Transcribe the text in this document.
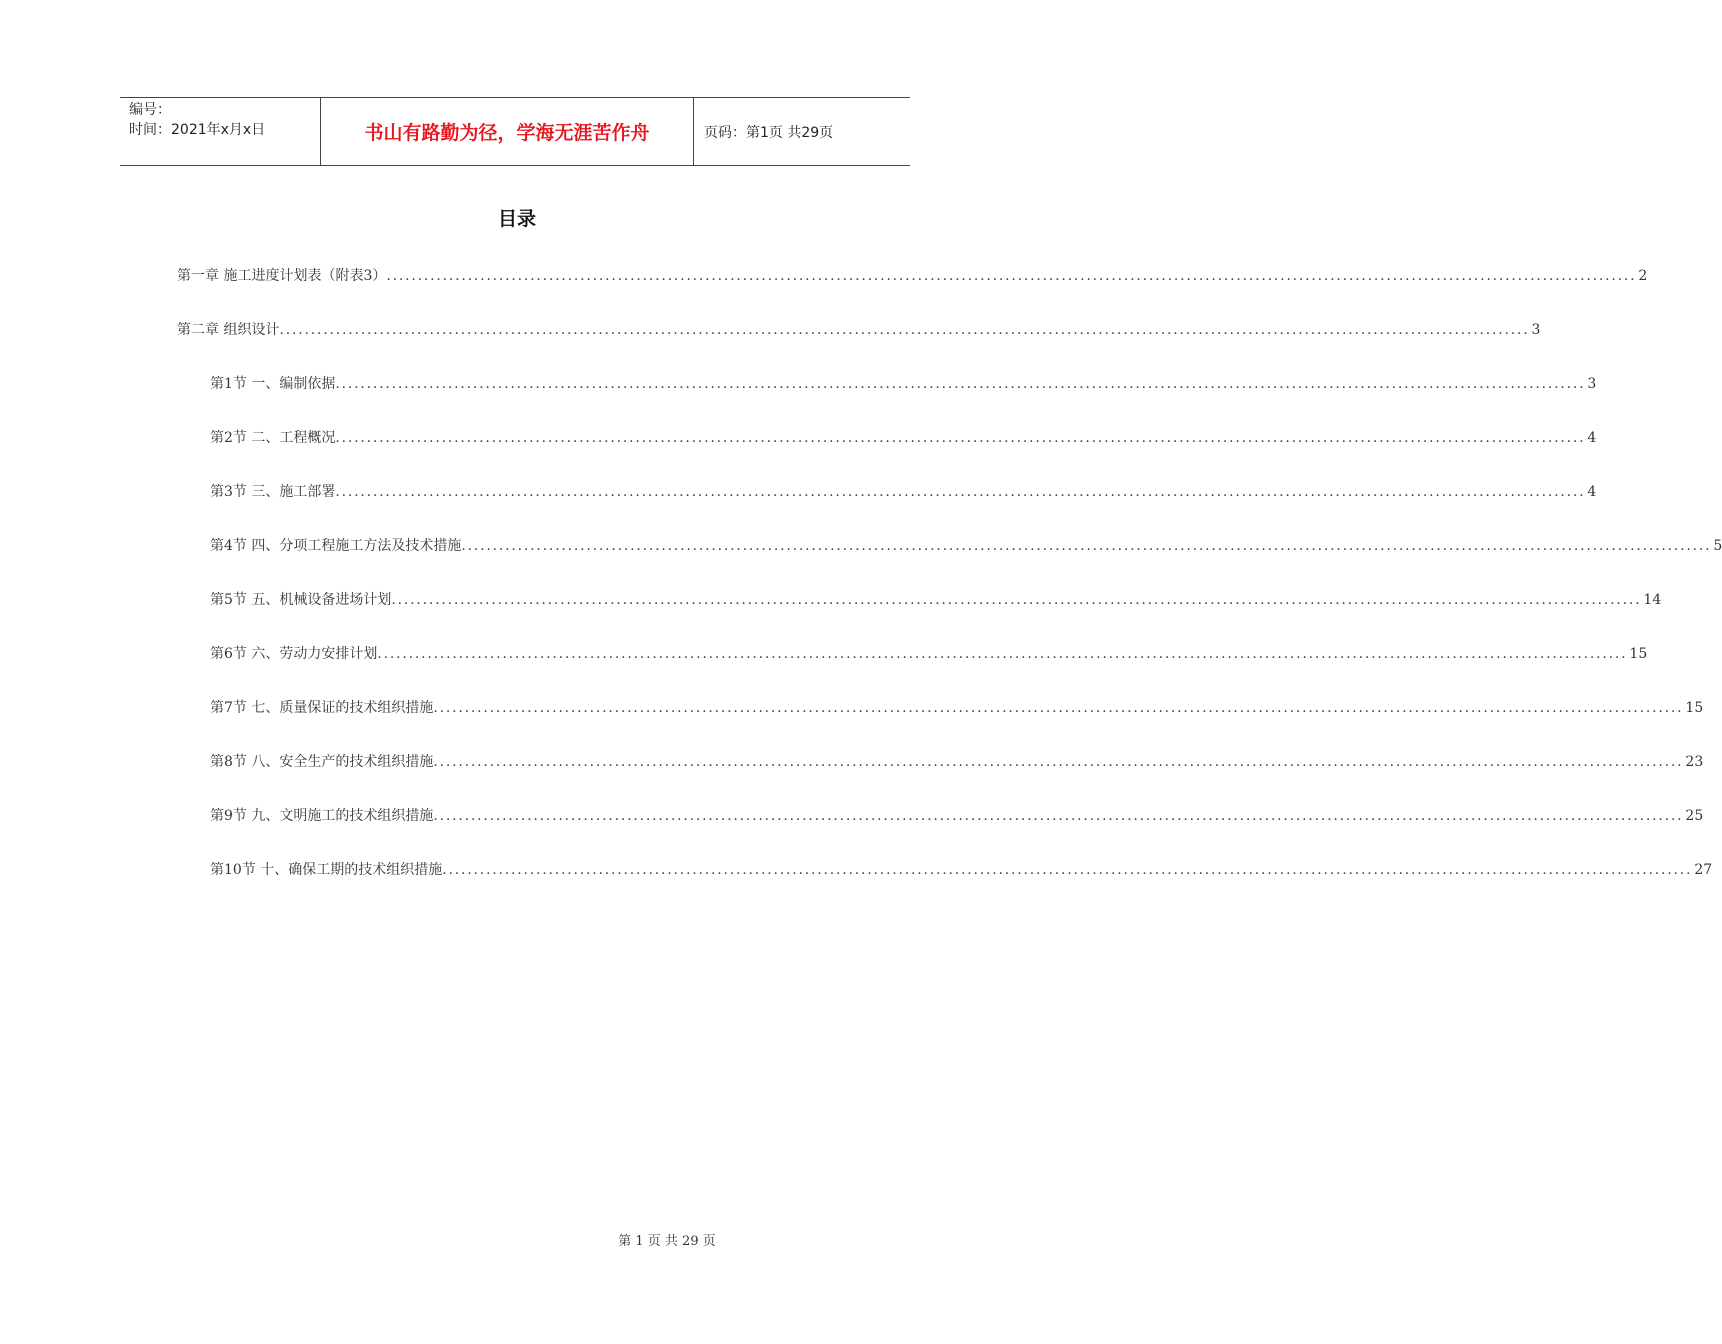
编号：
时间：2021年x月x日	书山有路勤为径，学海无涯苦作舟	页码：第1页 共29页
目录
第一章 施工进度计划表（附表3） ........................................................................................................................................................................................................ 2
第二章 组织设计 ........................................................................................................................................................................................................ 3
第1节 一、编制依据 ........................................................................................................................................................................................................ 3
第2节 二、工程概况 ........................................................................................................................................................................................................ 4
第3节 三、施工部署 ........................................................................................................................................................................................................ 4
第4节 四、分项工程施工方法及技术措施 ........................................................................................................................................................................................................ 5
第5节 五、机械设备进场计划 ........................................................................................................................................................................................................ 14
第6节 六、劳动力安排计划 ........................................................................................................................................................................................................ 15
第7节 七、质量保证的技术组织措施 ........................................................................................................................................................................................................ 15
第8节 八、安全生产的技术组织措施 ........................................................................................................................................................................................................ 23
第9节 九、文明施工的技术组织措施 ........................................................................................................................................................................................................ 25
第10节 十、确保工期的技术组织措施 ........................................................................................................................................................................................................ 27
第 1 页 共 29 页
